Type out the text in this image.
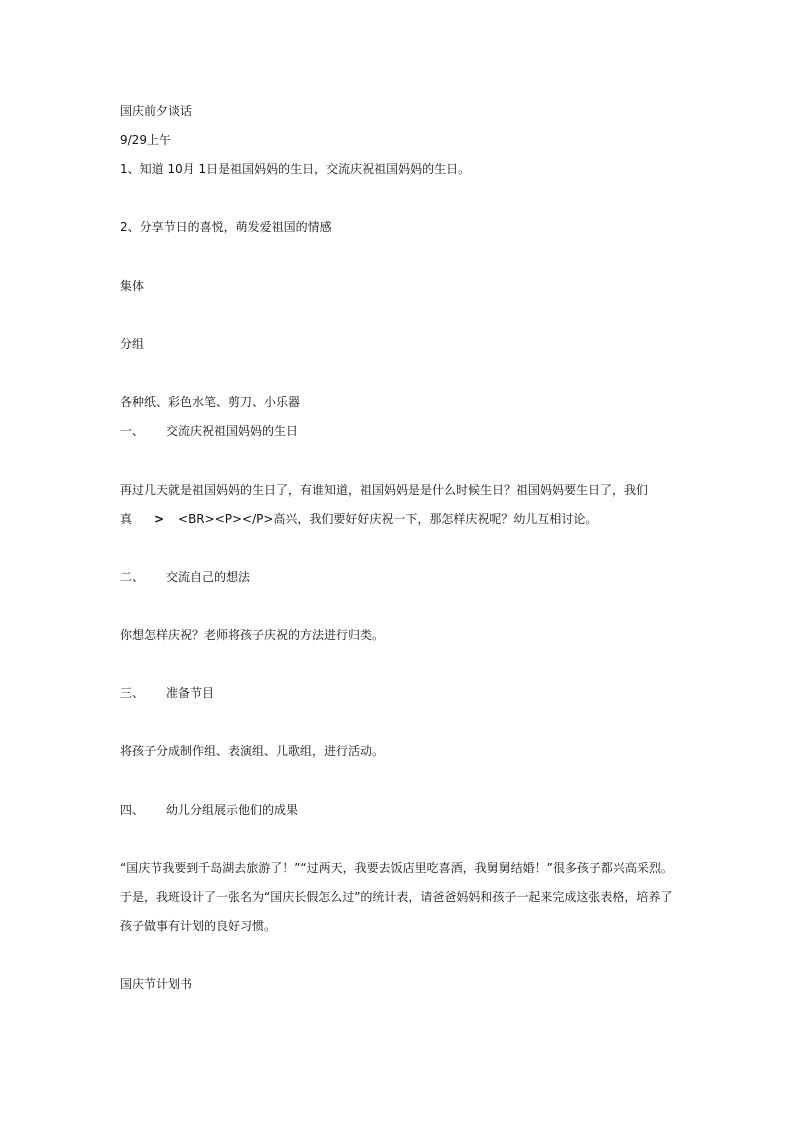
国庆前夕谈话
9/29上午
1、知道 10月 1日是祖国妈妈的生日，交流庆祝祖国妈妈的生日。
2、分享节日的喜悦，萌发爱祖国的情感
集体
分组
各种纸、彩色水笔、剪刀、小乐器
一、 交流庆祝祖国妈妈的生日
再过几天就是祖国妈妈的生日了，有谁知道，祖国妈妈是是什么时候生日？祖国妈妈要生日了，我们
真 > <BR><P></P>高兴，我们要好好庆祝一下，那怎样庆祝呢？幼儿互相讨论。
二、 交流自己的想法
你想怎样庆祝？老师将孩子庆祝的方法进行归类。
三、 准备节目
将孩子分成制作组、表演组、儿歌组，进行活动。
四、 幼儿分组展示他们的成果
“国庆节我要到千岛湖去旅游了！”“过两天，我要去饭店里吃喜酒，我舅舅结婚！”很多孩子都兴高采烈。
于是，我班设计了一张名为“国庆长假怎么过”的统计表，请爸爸妈妈和孩子一起来完成这张表格，培养了
孩子做事有计划的良好习惯。
国庆节计划书
